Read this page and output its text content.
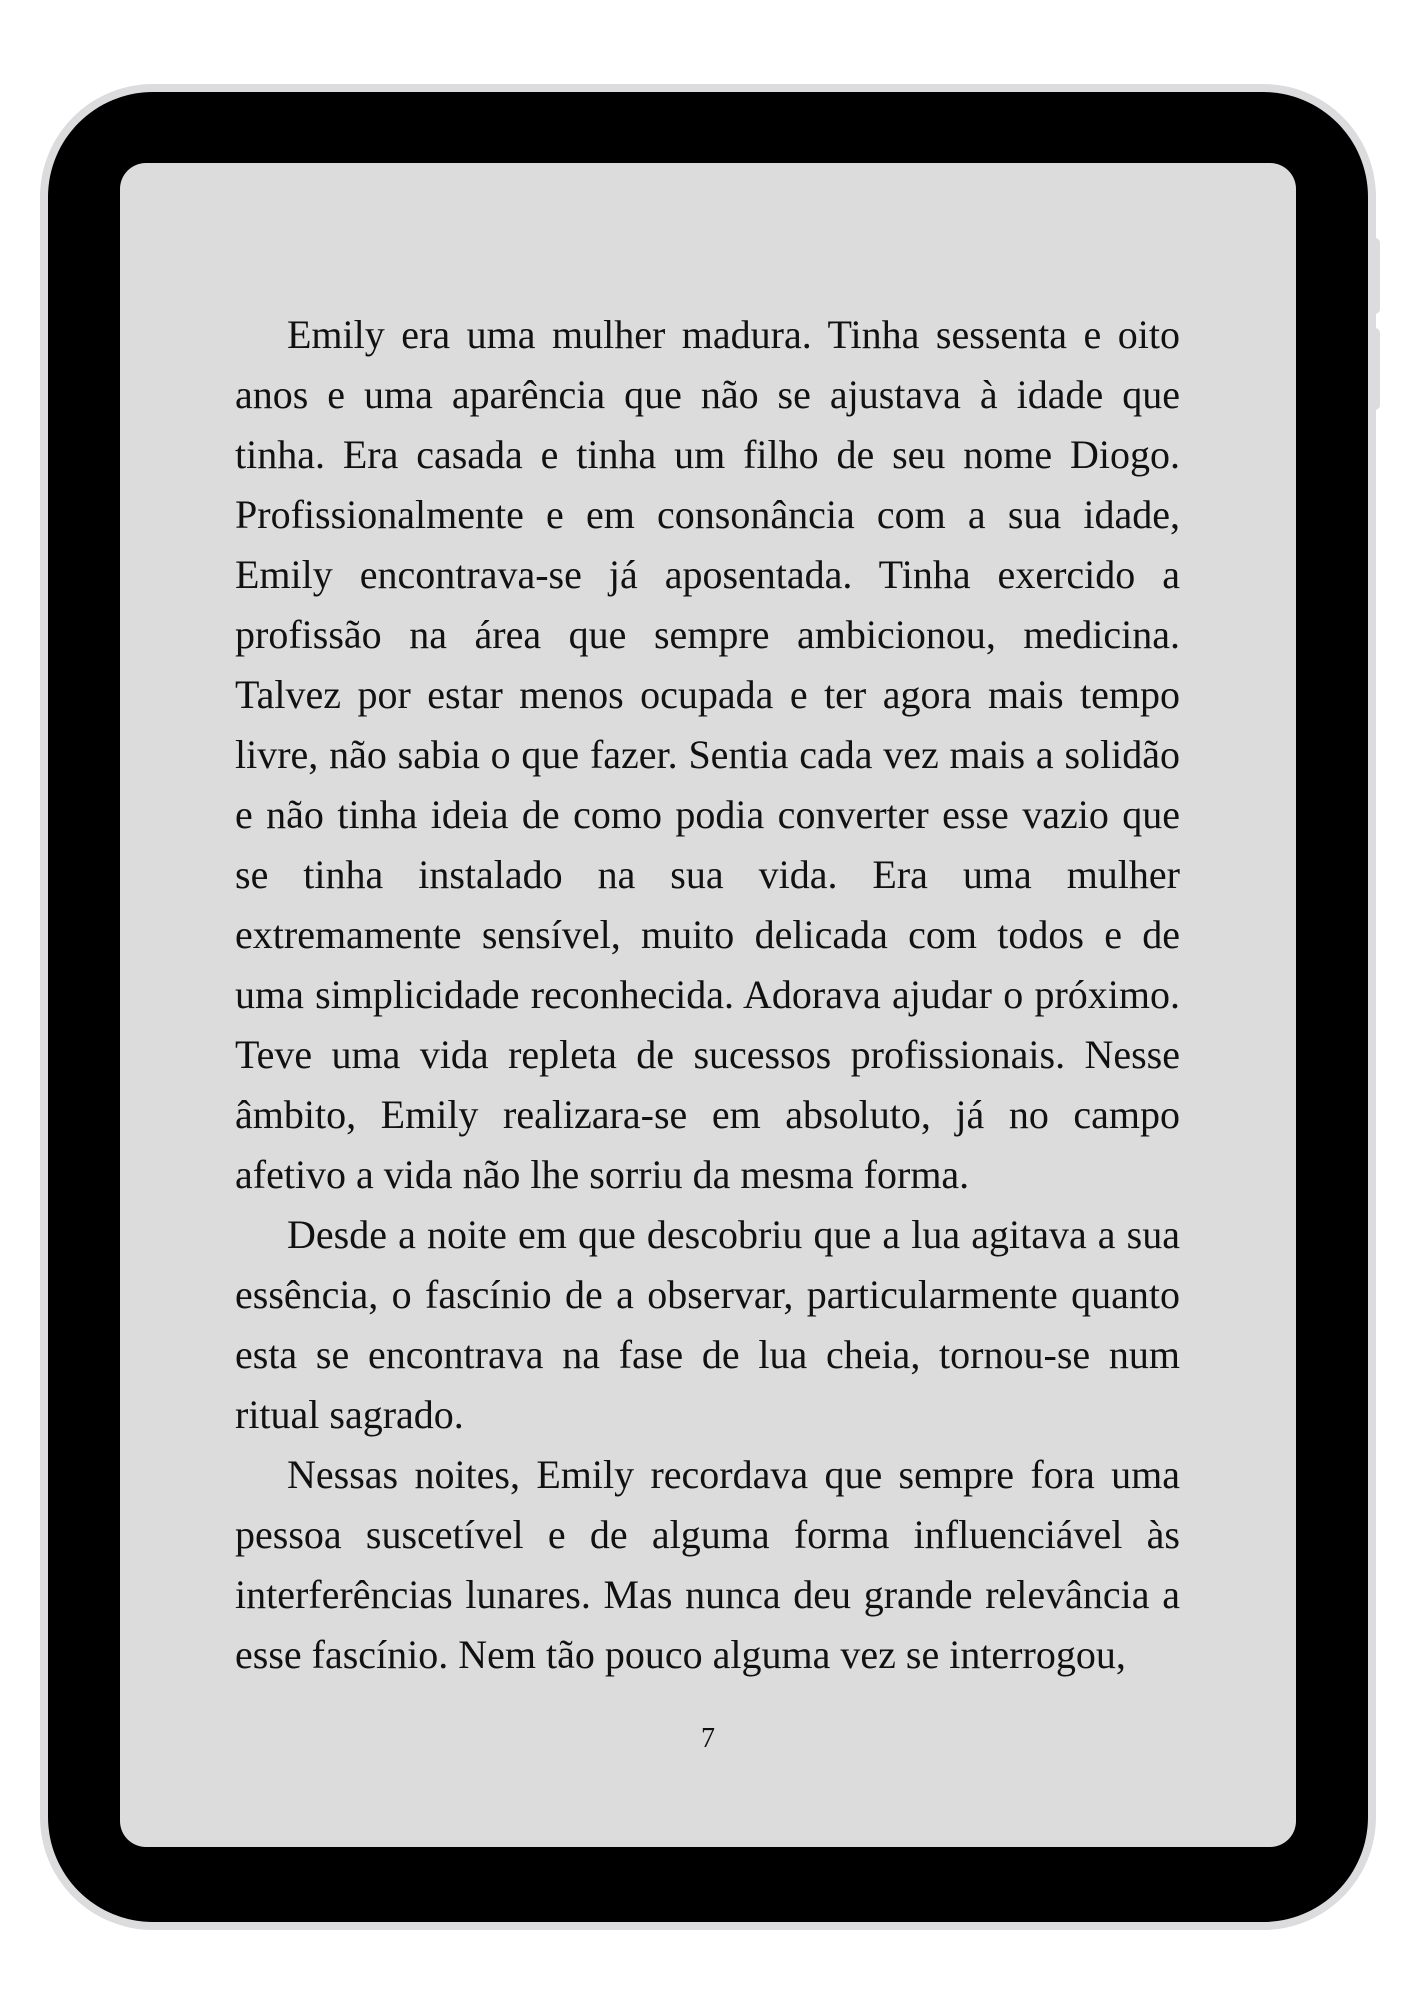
Emily era uma mulher madura. Tinha sessenta e oito anos e uma aparência que não se ajustava à idade que tinha. Era casada e tinha um filho de seu nome Diogo. Profissionalmente e em consonância com a sua idade, Emily encontrava-se já aposentada. Tinha exercido a profissão na área que sempre ambicionou, medicina. Talvez por estar menos ocupada e ter agora mais tempo livre, não sabia o que fazer. Sentia cada vez mais a solidão e não tinha ideia de como podia converter esse vazio que se tinha instalado na sua vida. Era uma mulher extremamente sensível, muito delicada com todos e de uma simplicidade reconhecida. Adorava ajudar o próximo. Teve uma vida repleta de sucessos profissionais. Nesse âmbito, Emily realizara-se em absoluto, já no campo afetivo a vida não lhe sorriu da mesma forma.

Desde a noite em que descobriu que a lua agitava a sua essência, o fascínio de a observar, particularmente quanto esta se encontrava na fase de lua cheia, tornou-se num ritual sagrado.

Nessas noites, Emily recordava que sempre fora uma pessoa suscetível e de alguma forma influenciável às interferências lunares. Mas nunca deu grande relevância a esse fascínio. Nem tão pouco alguma vez se interrogou,

7
